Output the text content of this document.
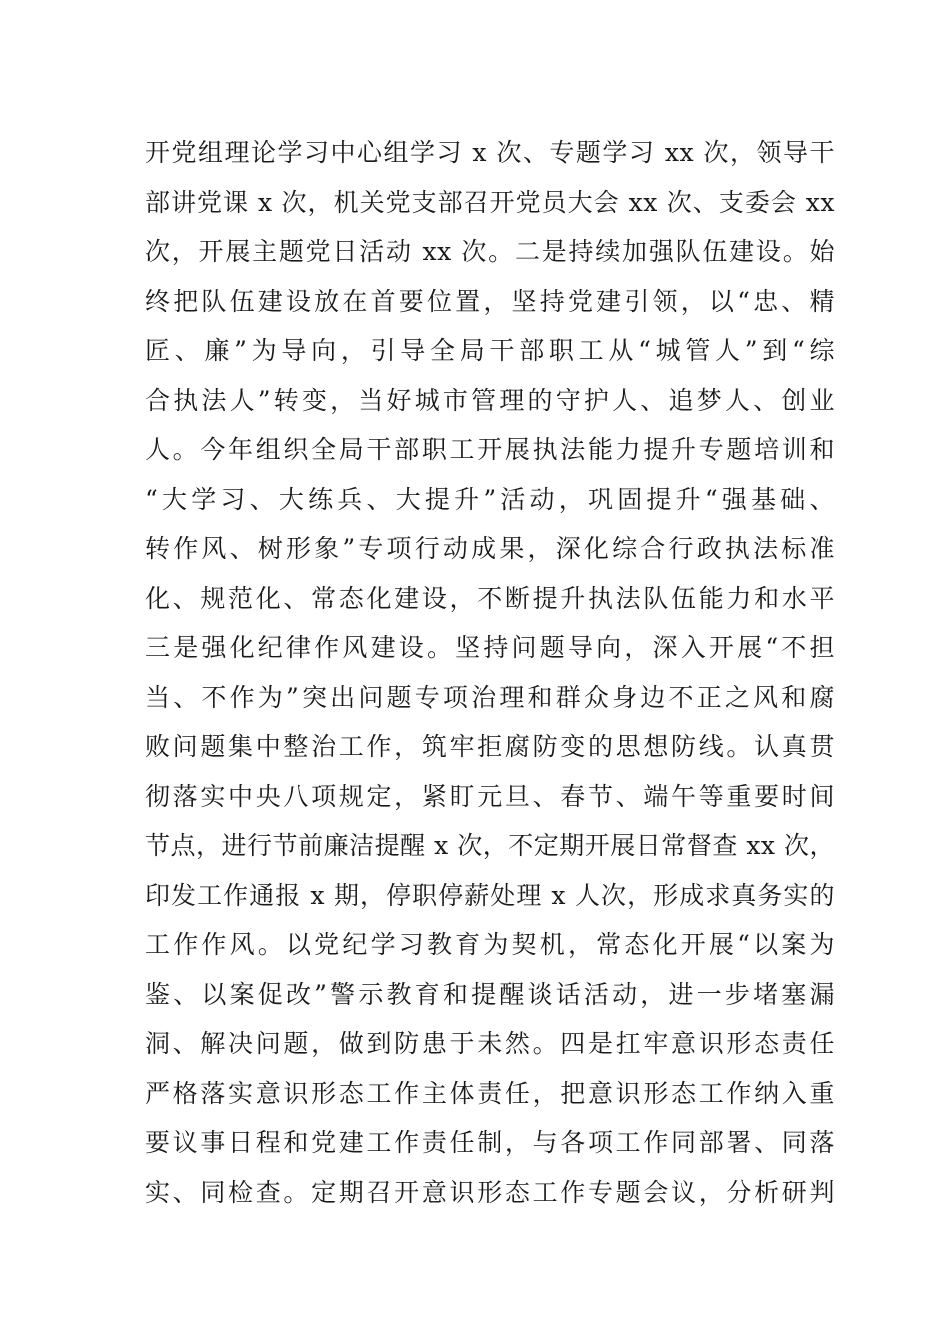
开党组理论学习中心组学习 x 次、专题学习 xx 次，领导干
部讲党课 x 次，机关党支部召开党员大会 xx 次、支委会 xx
次，开展主题党日活动 xx 次。二是持续加强队伍建设。始
终把队伍建设放在首要位置，坚持党建引领，以“忠、精
匠、廉”为导向，引导全局干部职工从“城管人”到“综
合执法人”转变，当好城市管理的守护人、追梦人、创业
人。今年组织全局干部职工开展执法能力提升专题培训和
“大学习、大练兵、大提升”活动，巩固提升“强基础、
转作风、树形象”专项行动成果，深化综合行政执法标准
化、规范化、常态化建设，不断提升执法队伍能力和水平
三是强化纪律作风建设。坚持问题导向，深入开展“不担
当、不作为”突出问题专项治理和群众身边不正之风和腐
败问题集中整治工作，筑牢拒腐防变的思想防线。认真贯
彻落实中央八项规定，紧盯元旦、春节、端午等重要时间
节点，进行节前廉洁提醒 x 次，不定期开展日常督查 xx 次，
印发工作通报 x 期，停职停薪处理 x 人次，形成求真务实的
工作作风。以党纪学习教育为契机，常态化开展“以案为
鉴、以案促改”警示教育和提醒谈话活动，进一步堵塞漏
洞、解决问题，做到防患于未然。四是扛牢意识形态责任
严格落实意识形态工作主体责任，把意识形态工作纳入重
要议事日程和党建工作责任制，与各项工作同部署、同落
实、同检查。定期召开意识形态工作专题会议，分析研判
